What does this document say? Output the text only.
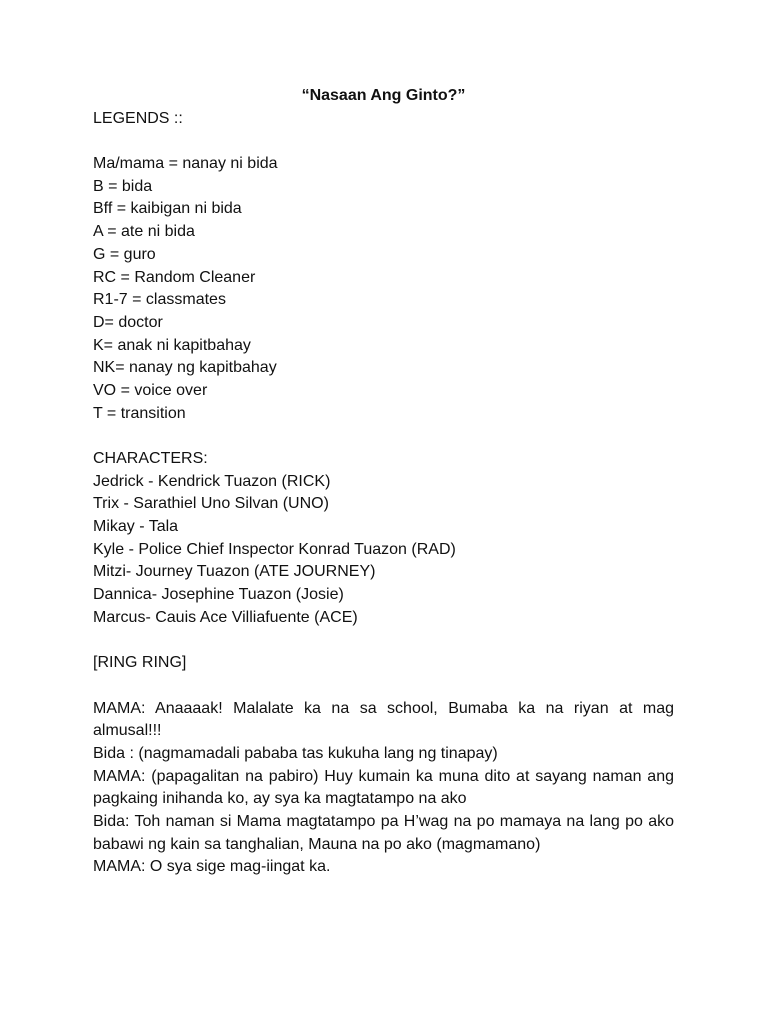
“Nasaan Ang Ginto?”

LEGENDS ::

Ma/mama = nanay ni bida

B = bida

Bff = kaibigan ni bida

A = ate ni bida

G = guro

RC = Random Cleaner

R1-7 = classmates

D= doctor

K= anak ni kapitbahay

NK= nanay ng kapitbahay

VO = voice over

T = transition

CHARACTERS:

Jedrick - Kendrick Tuazon (RICK)

Trix - Sarathiel Uno Silvan (UNO)

Mikay - Tala

Kyle - Police Chief Inspector Konrad Tuazon (RAD)

Mitzi- Journey Tuazon (ATE JOURNEY)

Dannica- Josephine Tuazon (Josie)

Marcus- Cauis Ace Villiafuente (ACE)

[RING RING]

MAMA: Anaaaak! Malalate ka na sa school, Bumaba ka na riyan at mag almusal!!!

Bida : (nagmamadali pababa tas kukuha lang ng tinapay)

MAMA: (papagalitan na pabiro) Huy kumain ka muna dito at sayang naman ang pagkaing inihanda ko, ay sya ka magtatampo na ako

Bida: Toh naman si Mama magtatampo pa H’wag na po mamaya na lang po ako babawi ng kain sa tanghalian, Mauna na po ako (magmamano)

MAMA: O sya sige mag-iingat ka.
